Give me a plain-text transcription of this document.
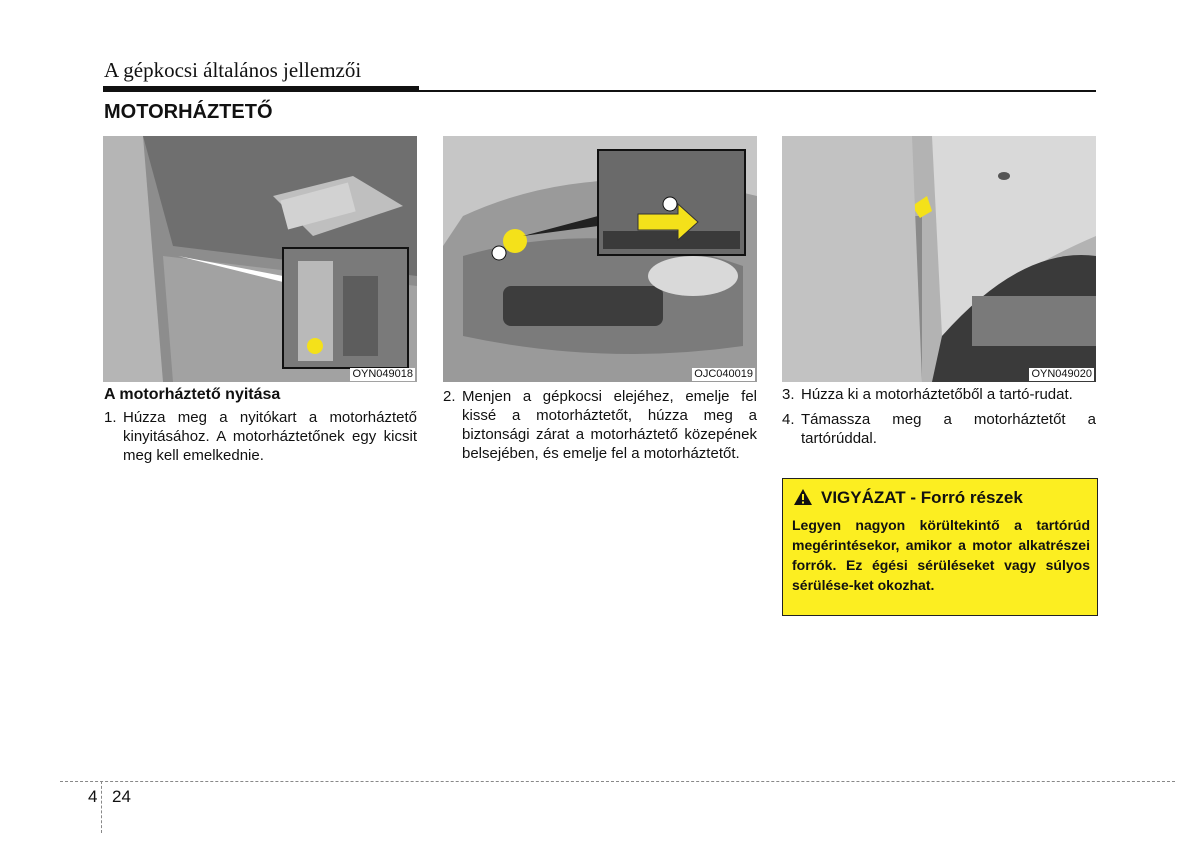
A gépkocsi általános jellemzői
MOTORHÁZTETŐ
OYN049018	OJC040019	OYN049020
A motorháztető nyitása
1. Húzza meg a nyitókart a motorháztető kinyitásához. A motorháztetőnek egy kicsit meg kell emelkednie.
2. Menjen a gépkocsi elejéhez, emelje fel kissé a motorháztetőt, húzza meg a biztonsági zárat a motorháztető közepének belsejében, és emelje fel a motorháztetőt.
3. Húzza ki a motorháztetőből a tartó-rudat.
4. Támassza meg a motorháztetőt a tartórúddal.
VIGYÁZAT - Forró részek
Legyen nagyon körültekintő a tartórúd megérintésekor, amikor a motor alkatrészei forrók. Ez égési sérüléseket vagy súlyos sérülése-ket okozhat.
4 24
